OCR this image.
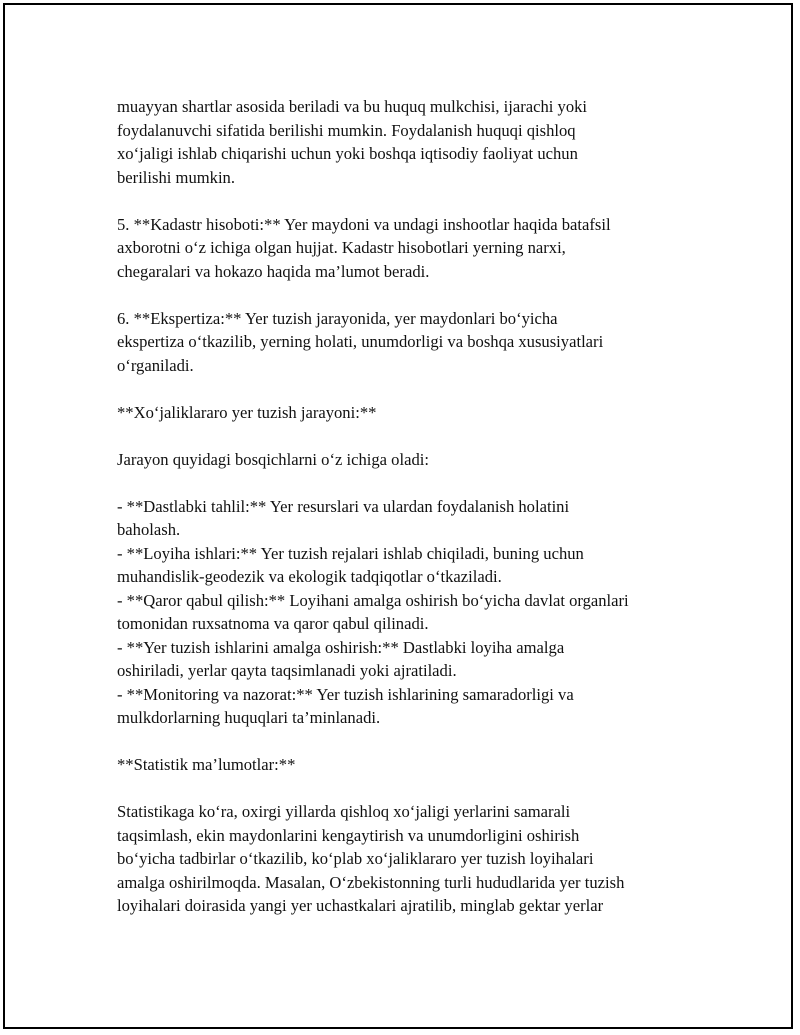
muayyan shartlar asosida beriladi va bu huquq mulkchisi, ijarachi yoki
foydalanuvchi sifatida berilishi mumkin. Foydalanish huquqi qishloq
xo‘jaligi ishlab chiqarishi uchun yoki boshqa iqtisodiy faoliyat uchun
berilishi mumkin.

5. **Kadastr hisoboti:** Yer maydoni va undagi inshootlar haqida batafsil
axborotni o‘z ichiga olgan hujjat. Kadastr hisobotlari yerning narxi,
chegaralari va hokazo haqida ma’lumot beradi.

6. **Ekspertiza:** Yer tuzish jarayonida, yer maydonlari bo‘yicha
ekspertiza o‘tkazilib, yerning holati, unumdorligi va boshqa xususiyatlari
o‘rganiladi.

**Xo‘jaliklararo yer tuzish jarayoni:**

Jarayon quyidagi bosqichlarni o‘z ichiga oladi:

- **Dastlabki tahlil:** Yer resurslari va ulardan foydalanish holatini
baholash.
- **Loyiha ishlari:** Yer tuzish rejalari ishlab chiqiladi, buning uchun
muhandislik-geodezik va ekologik tadqiqotlar o‘tkaziladi.
- **Qaror qabul qilish:** Loyihani amalga oshirish bo‘yicha davlat organlari
tomonidan ruxsatnoma va qaror qabul qilinadi.
- **Yer tuzish ishlarini amalga oshirish:** Dastlabki loyiha amalga
oshiriladi, yerlar qayta taqsimlanadi yoki ajratiladi.
- **Monitoring va nazorat:** Yer tuzish ishlarining samaradorligi va
mulkdorlarning huquqlari ta’minlanadi.

**Statistik ma’lumotlar:**

Statistikaga ko‘ra, oxirgi yillarda qishloq xo‘jaligi yerlarini samarali
taqsimlash, ekin maydonlarini kengaytirish va unumdorligini oshirish
bo‘yicha tadbirlar o‘tkazilib, ko‘plab xo‘jaliklararo yer tuzish loyihalari
amalga oshirilmoqda. Masalan, O‘zbekistonning turli hududlarida yer tuzish
loyihalari doirasida yangi yer uchastkalari ajratilib, minglab gektar yerlar
